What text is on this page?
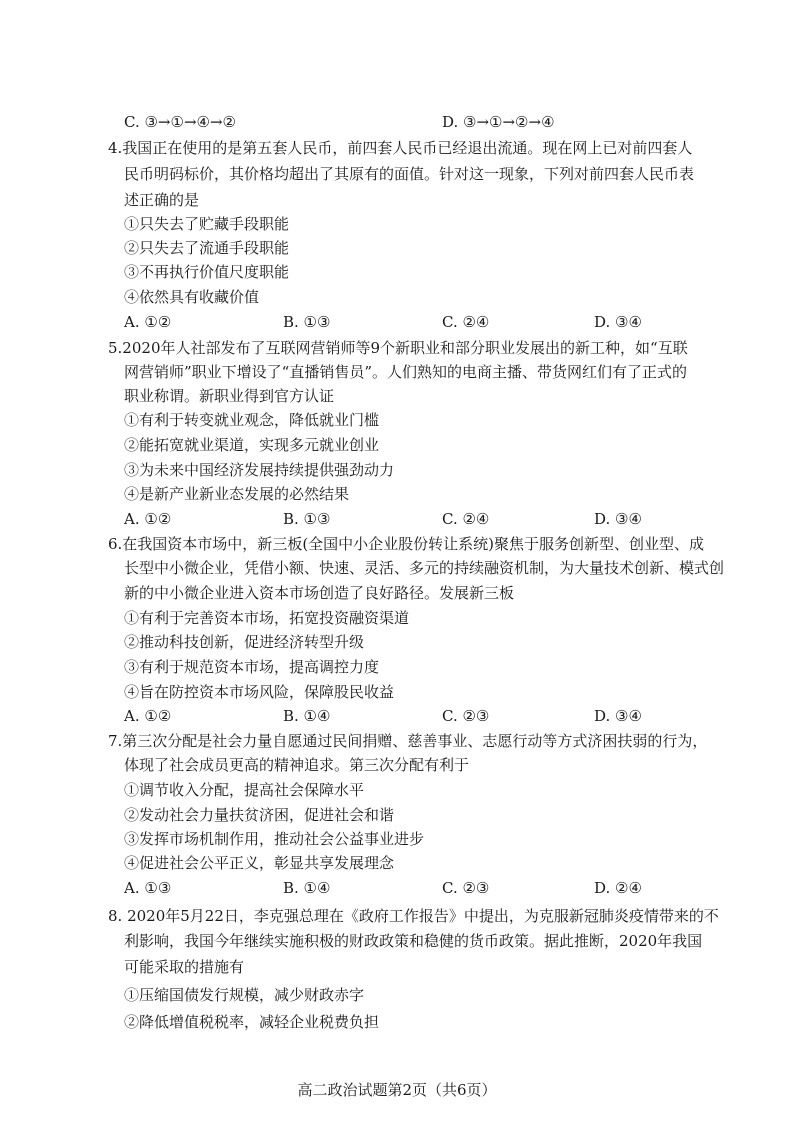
C. ③→①→④→②	D. ③→①→②→④
4.我国正在使用的是第五套人民币，前四套人民币已经退出流通。现在网上已对前四套人
民币明码标价，其价格均超出了其原有的面值。针对这一现象，下列对前四套人民币表
述正确的是
①只失去了贮藏手段职能
②只失去了流通手段职能
③不再执行价值尺度职能
④依然具有收藏价值
A. ①②	B. ①③	C. ②④	D. ③④
5.2020年人社部发布了互联网营销师等9个新职业和部分职业发展出的新工种，如“互联
网营销师”职业下增设了“直播销售员”。人们熟知的电商主播、带货网红们有了正式的
职业称谓。新职业得到官方认证
①有利于转变就业观念，降低就业门槛
②能拓宽就业渠道，实现多元就业创业
③为未来中国经济发展持续提供强劲动力
④是新产业新业态发展的必然结果
A. ①②	B. ①③	C. ②④	D. ③④
6.在我国资本市场中，新三板(全国中小企业股份转让系统)聚焦于服务创新型、创业型、成
长型中小微企业，凭借小额、快速、灵活、多元的持续融资机制，为大量技术创新、模式创
新的中小微企业进入资本市场创造了良好路径。发展新三板
①有利于完善资本市场，拓宽投资融资渠道
②推动科技创新，促进经济转型升级
③有利于规范资本市场，提高调控力度
④旨在防控资本市场风险，保障股民收益
A. ①②	B. ①④	C. ②③	D. ③④
7.第三次分配是社会力量自愿通过民间捐赠、慈善事业、志愿行动等方式济困扶弱的行为，
体现了社会成员更高的精神追求。第三次分配有利于
①调节收入分配，提高社会保障水平
②发动社会力量扶贫济困，促进社会和谐
③发挥市场机制作用，推动社会公益事业进步
④促进社会公平正义，彰显共享发展理念
A. ①③	B. ①④	C. ②③	D. ②④
8. 2020年5月22日，李克强总理在《政府工作报告》中提出，为克服新冠肺炎疫情带来的不
利影响，我国今年继续实施积极的财政政策和稳健的货币政策。据此推断，2020年我国
可能采取的措施有
①压缩国债发行规模，减少财政赤字
②降低增值税税率，减轻企业税费负担
高二政治试题第2页（共6页）
